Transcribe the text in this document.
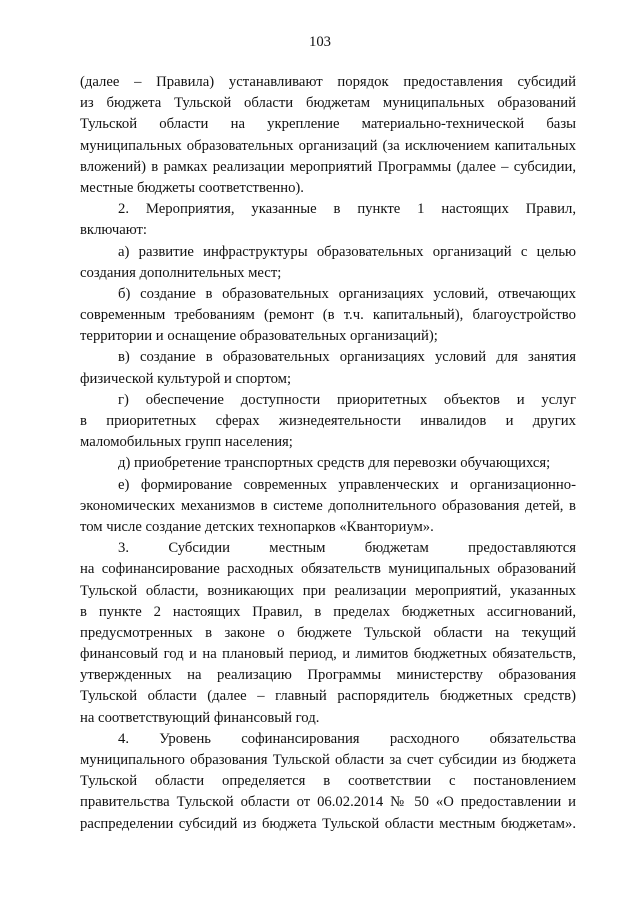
103
(далее – Правила) устанавливают порядок предоставления субсидий
из бюджета Тульской области бюджетам муниципальных образований
Тульской области на укрепление материально-технической базы
муниципальных образовательных организаций (за исключением капитальных
вложений) в рамках реализации мероприятий Программы (далее – субсидии,
местные бюджеты соответственно).
2. Мероприятия, указанные в пункте 1 настоящих Правил,
включают:
а) развитие инфраструктуры образовательных организаций с целью
создания дополнительных мест;
б) создание в образовательных организациях условий, отвечающих
современным требованиям (ремонт (в т.ч. капитальный), благоустройство
территории и оснащение образовательных организаций);
в) создание в образовательных организациях условий для занятия
физической культурой и спортом;
г) обеспечение доступности приоритетных объектов и услуг
в приоритетных сферах жизнедеятельности инвалидов и других
маломобильных групп населения;
д) приобретение транспортных средств для перевозки обучающихся;
е) формирование современных управленческих и организационно-
экономических механизмов в системе дополнительного образования детей, в
том числе создание детских технопарков «Кванториум».
3. Субсидии местным бюджетам предоставляются
на софинансирование расходных обязательств муниципальных образований
Тульской области, возникающих при реализации мероприятий, указанных
в пункте 2 настоящих Правил, в пределах бюджетных ассигнований,
предусмотренных в законе о бюджете Тульской области на текущий
финансовый год и на плановый период, и лимитов бюджетных обязательств,
утвержденных на реализацию Программы министерству образования
Тульской области (далее – главный распорядитель бюджетных средств)
на соответствующий финансовый год.
4. Уровень софинансирования расходного обязательства
муниципального образования Тульской области за счет субсидии из бюджета
Тульской области определяется в соответствии с постановлением
правительства Тульской области от 06.02.2014 № 50 «О предоставлении и
распределении субсидий из бюджета Тульской области местным бюджетам».
